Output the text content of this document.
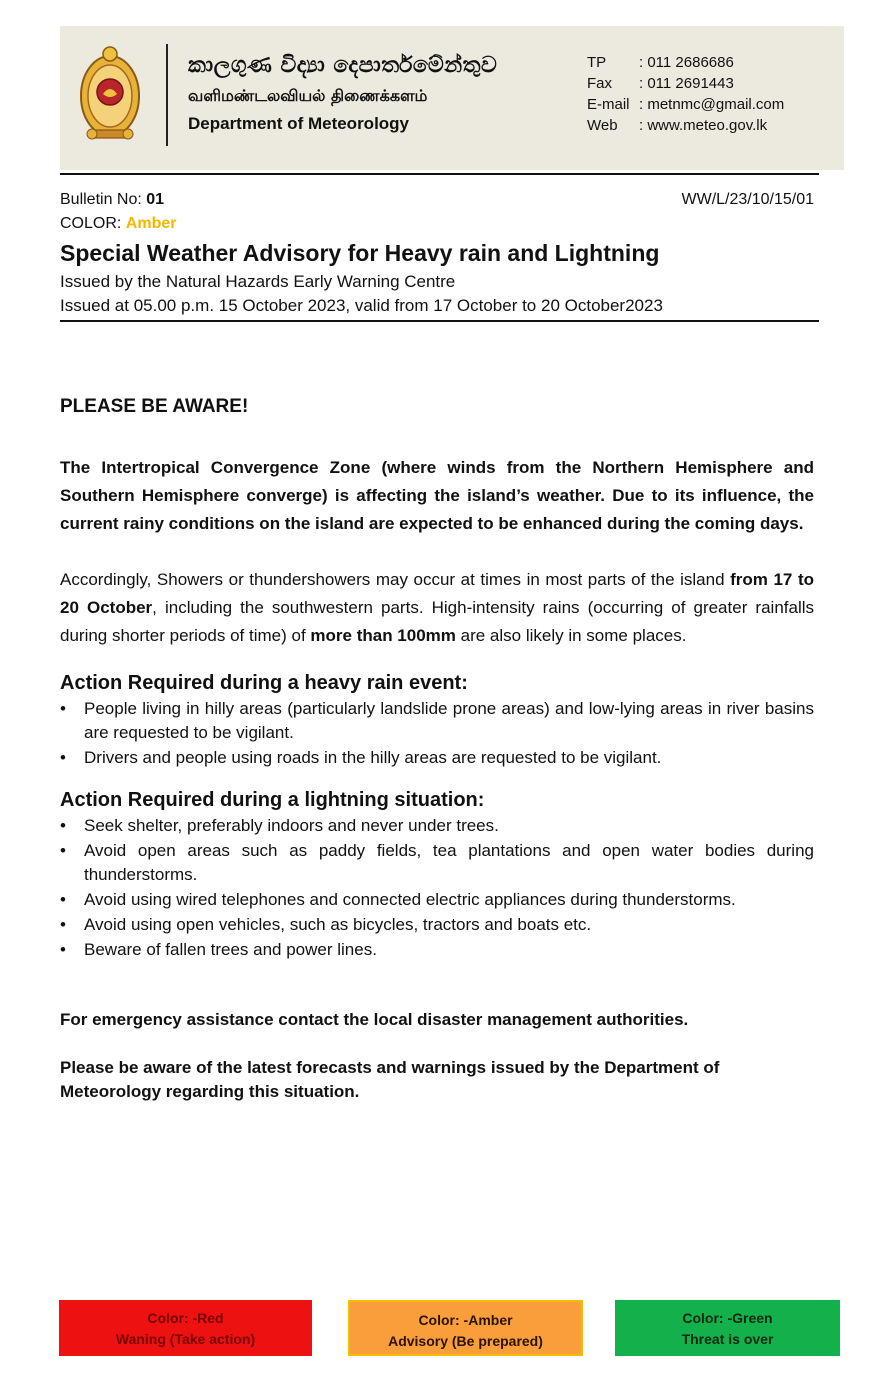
කාලගුණ විද්‍යා දෙපාර්තමේන්තුව
வளிமண்டலவியல் திணைக்களம்
Department of Meteorology
TP	: 011 2686686
Fax	: 011 2691443
E-mail : metnmc@gmail.com
Web	: www.meteo.gov.lk
Bulletin No: 01	WW/L/23/10/15/01
COLOR: Amber
Special Weather Advisory for Heavy rain and Lightning
Issued by the Natural Hazards Early Warning Centre
Issued at 05.00 p.m. 15 October 2023, valid from 17 October to 20 October2023
PLEASE BE AWARE!
The Intertropical Convergence Zone (where winds from the Northern Hemisphere and Southern Hemisphere converge) is affecting the island’s weather. Due to its influence, the current rainy conditions on the island are expected to be enhanced during the coming days.
Accordingly, Showers or thundershowers may occur at times in most parts of the island from 17 to 20 October, including the southwestern parts. High-intensity rains (occurring of greater rainfalls during shorter periods of time) of more than 100mm are also likely in some places.
Action Required during a heavy rain event:
• People living in hilly areas (particularly landslide prone areas) and low-lying areas in river basins are requested to be vigilant.
• Drivers and people using roads in the hilly areas are requested to be vigilant.
Action Required during a lightning situation:
• Seek shelter, preferably indoors and never under trees.
• Avoid open areas such as paddy fields, tea plantations and open water bodies during thunderstorms.
• Avoid using wired telephones and connected electric appliances during thunderstorms.
• Avoid using open vehicles, such as bicycles, tractors and boats etc.
• Beware of fallen trees and power lines.
For emergency assistance contact the local disaster management authorities.
Please be aware of the latest forecasts and warnings issued by the Department of Meteorology regarding this situation.
Color: -Red
Waning (Take action)
Color: -Amber
Advisory (Be prepared)
Color: -Green
Threat is over
